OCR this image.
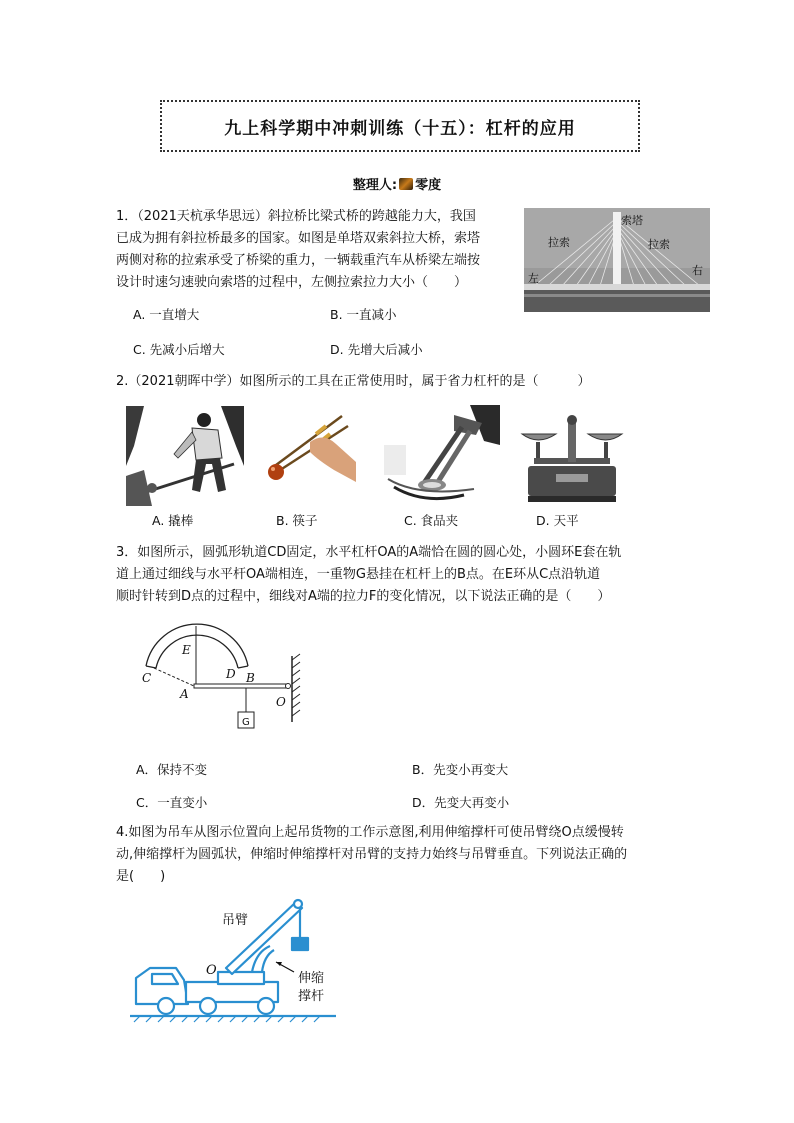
九上科学期中冲刺训练（十五）：杠杆的应用
整理人: 零度
1．（2021天杭承华思远）斜拉桥比梁式桥的跨越能力大，我国
已成为拥有斜拉桥最多的国家。如图是单塔双索斜拉大桥，索塔
两侧对称的拉索承受了桥梁的重力，一辆载重汽车从桥梁左端按
设计时速匀速驶向索塔的过程中，左侧拉索拉力大小（　　）
A. 一直增大	B. 一直减小
C. 先减小后增大	D. 先增大后减小
索塔
拉索	拉索
左
右
2.（2021朝晖中学）如图所示的工具在正常使用时，属于省力杠杆的是（　　　）
A. 撬棒	B. 筷子	C. 食品夹	D. 天平
3．如图所示，圆弧形轨道CD固定，水平杠杆OA的A端恰在圆的圆心处，小圆环E套在轨
道上通过细线与水平杆OA端相连，一重物G悬挂在杠杆上的B点。在E环从C点沿轨道
顺时针转到D点的过程中，细线对A端的拉力F的变化情况，以下说法正确的是（　　）
C
E
A
D B
O
G
A．保持不变	B．先变小再变大
C．一直变小	D．先变大再变小
4.如图为吊车从图示位置向上起吊货物的工作示意图,利用伸缩撑杆可使吊臂绕O点缓慢转
动,伸缩撑杆为圆弧状，伸缩时伸缩撑杆对吊臂的支持力始终与吊臂垂直。下列说法正确的
是(　　)
吊臂
O
伸缩
撑杆
